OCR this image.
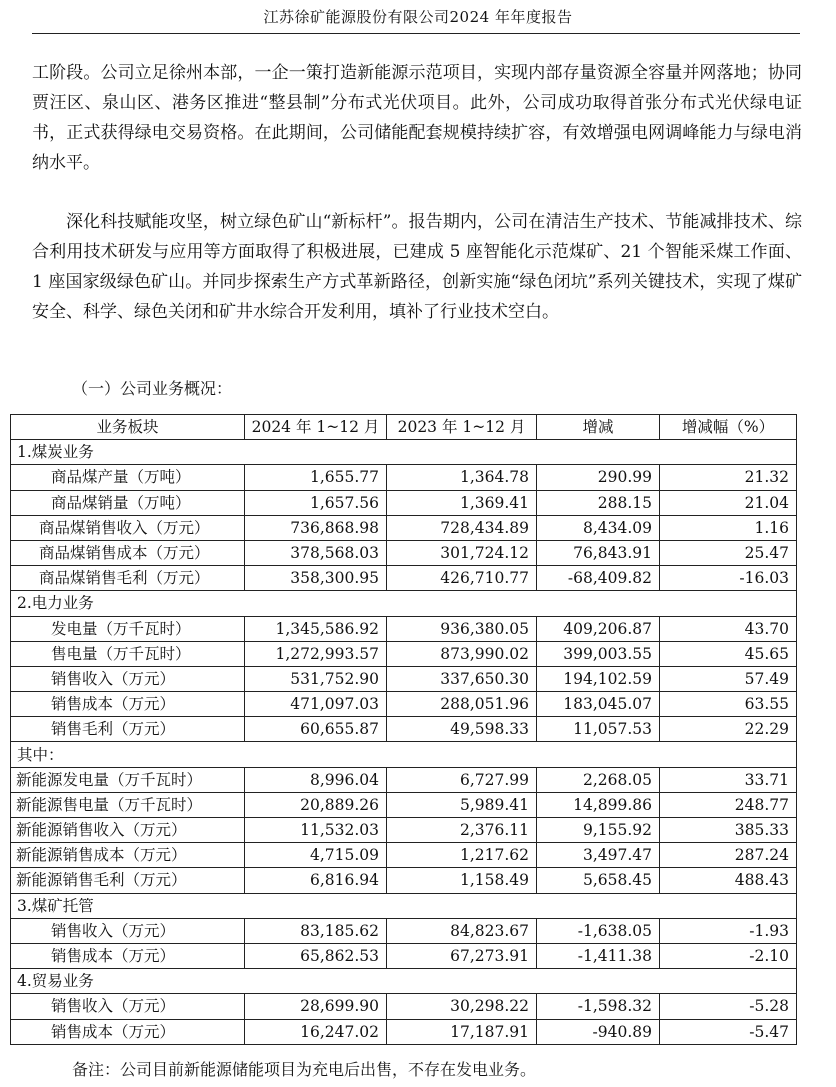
江苏徐矿能源股份有限公司2024 年年度报告

工阶段。公司立足徐州本部，一企一策打造新能源示范项目，实现内部存量资源全容量并网落地；协同贾汪区、泉山区、港务区推进“整县制”分布式光伏项目。此外，公司成功取得首张分布式光伏绿电证书，正式获得绿电交易资格。在此期间，公司储能配套规模持续扩容，有效增强电网调峰能力与绿电消纳水平。

深化科技赋能攻坚，树立绿色矿山“新标杆”。报告期内，公司在清洁生产技术、节能减排技术、综合利用技术研发与应用等方面取得了积极进展，已建成 5 座智能化示范煤矿、21 个智能采煤工作面、1 座国家级绿色矿山。并同步探索生产方式革新路径，创新实施“绿色闭坑”系列关键技术，实现了煤矿安全、科学、绿色关闭和矿井水综合开发利用，填补了行业技术空白。

（一）公司业务概况：
业务板块	2024 年 1~12 月	2023 年 1~12 月	增减	增减幅（%）
1.煤炭业务				
商品煤产量（万吨）	1,655.77	1,364.78	290.99	21.32
商品煤销量（万吨）	1,657.56	1,369.41	288.15	21.04
商品煤销售收入（万元）	736,868.98	728,434.89	8,434.09	1.16
商品煤销售成本（万元）	378,568.03	301,724.12	76,843.91	25.47
商品煤销售毛利（万元）	358,300.95	426,710.77	-68,409.82	-16.03
2.电力业务				
发电量（万千瓦时）	1,345,586.92	936,380.05	409,206.87	43.70
售电量（万千瓦时）	1,272,993.57	873,990.02	399,003.55	45.65
销售收入（万元）	531,752.90	337,650.30	194,102.59	57.49
销售成本（万元）	471,097.03	288,051.96	183,045.07	63.55
销售毛利（万元）	60,655.87	49,598.33	11,057.53	22.29
其中：				
新能源发电量（万千瓦时）	8,996.04	6,727.99	2,268.05	33.71
新能源售电量（万千瓦时）	20,889.26	5,989.41	14,899.86	248.77
新能源销售收入（万元）	11,532.03	2,376.11	9,155.92	385.33
新能源销售成本（万元）	4,715.09	1,217.62	3,497.47	287.24
新能源销售毛利（万元）	6,816.94	1,158.49	5,658.45	488.43
3.煤矿托管				
销售收入（万元）	83,185.62	84,823.67	-1,638.05	-1.93
销售成本（万元）	65,862.53	67,273.91	-1,411.38	-2.10
4.贸易业务				
销售收入（万元）	28,699.90	30,298.22	-1,598.32	-5.28
销售成本（万元）	16,247.02	17,187.91	-940.89	-5.47
备注：公司目前新能源储能项目为充电后出售，不存在发电业务。
